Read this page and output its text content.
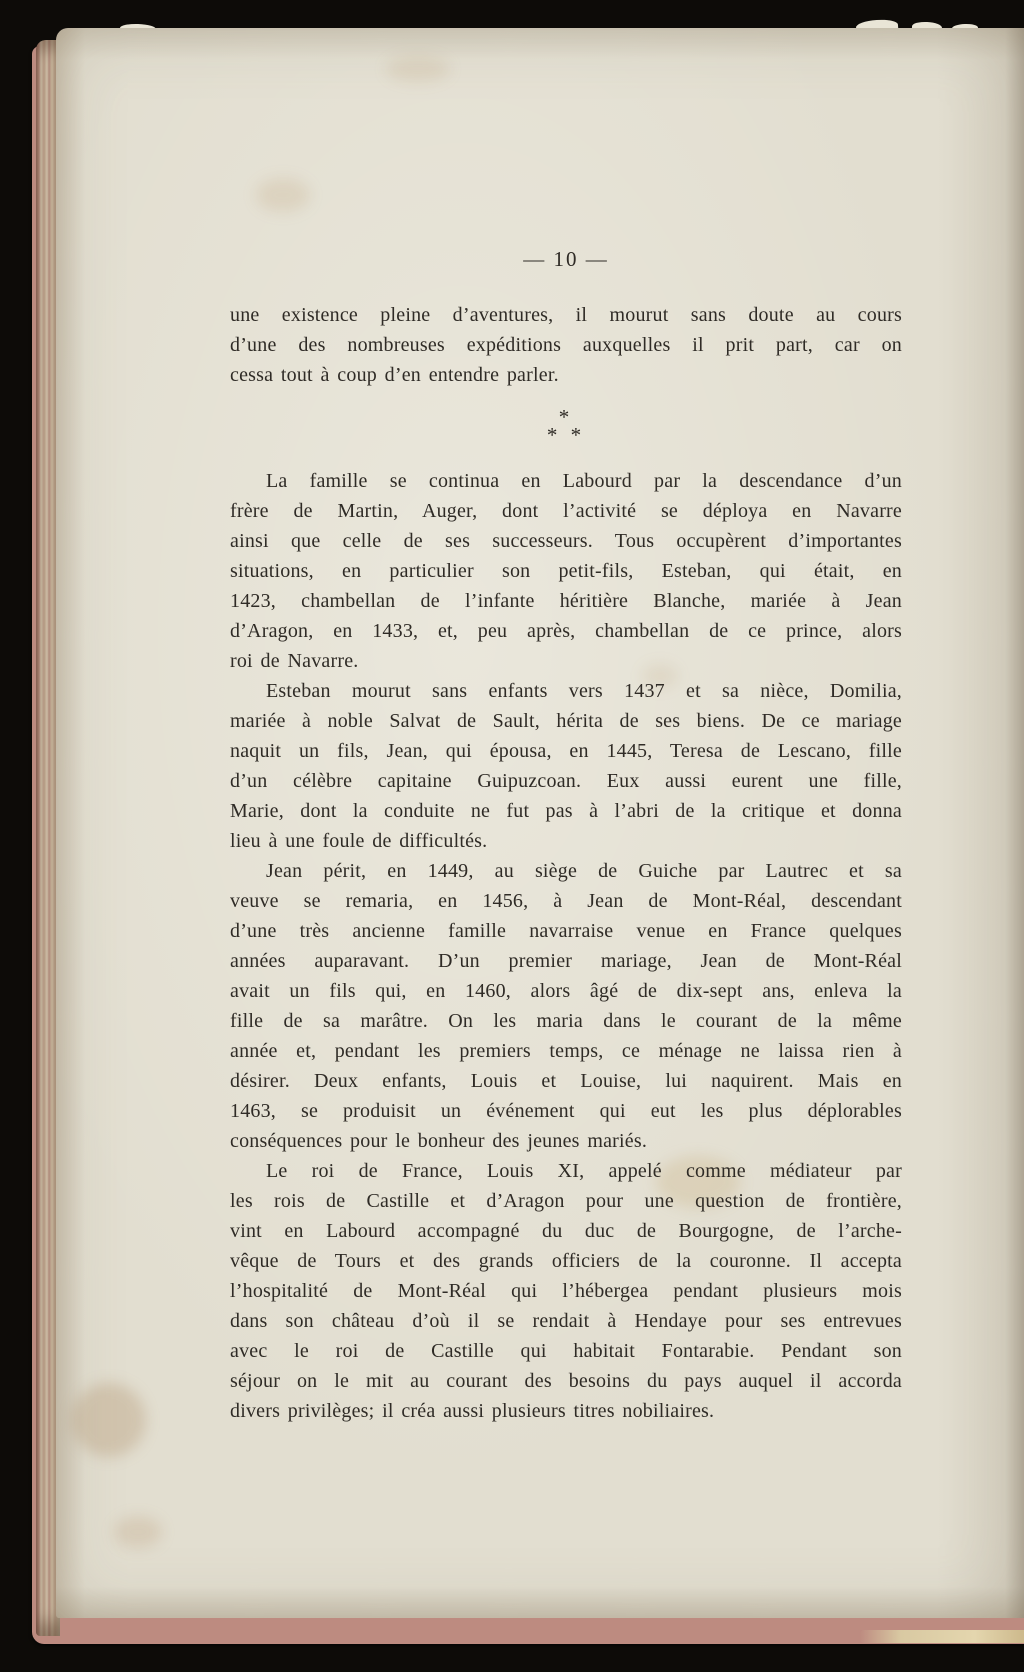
— 10 —
une existence pleine d’aventures, il mourut sans doute au cours
d’une des nombreuses expéditions auxquelles il prit part, car on
cessa tout à coup d’en entendre parler.
*
* *
La famille se continua en Labourd par la descendance d’un
frère de Martin, Auger, dont l’activité se déploya en Navarre
ainsi que celle de ses successeurs. Tous occupèrent d’importantes
situations, en particulier son petit-fils, Esteban, qui était, en
1423, chambellan de l’infante héritière Blanche, mariée à Jean
d’Aragon, en 1433, et, peu après, chambellan de ce prince, alors
roi de Navarre.
Esteban mourut sans enfants vers 1437 et sa nièce, Domilia,
mariée à noble Salvat de Sault, hérita de ses biens. De ce mariage
naquit un fils, Jean, qui épousa, en 1445, Teresa de Lescano, fille
d’un célèbre capitaine Guipuzcoan. Eux aussi eurent une fille,
Marie, dont la conduite ne fut pas à l’abri de la critique et donna
lieu à une foule de difficultés.
Jean périt, en 1449, au siège de Guiche par Lautrec et sa
veuve se remaria, en 1456, à Jean de Mont-Réal, descendant
d’une très ancienne famille navarraise venue en France quelques
années auparavant. D’un premier mariage, Jean de Mont-Réal
avait un fils qui, en 1460, alors âgé de dix-sept ans, enleva la
fille de sa marâtre. On les maria dans le courant de la même
année et, pendant les premiers temps, ce ménage ne laissa rien à
désirer. Deux enfants, Louis et Louise, lui naquirent. Mais en
1463, se produisit un événement qui eut les plus déplorables
conséquences pour le bonheur des jeunes mariés.
Le roi de France, Louis XI, appelé comme médiateur par
les rois de Castille et d’Aragon pour une question de frontière,
vint en Labourd accompagné du duc de Bourgogne, de l’arche-
vêque de Tours et des grands officiers de la couronne. Il accepta
l’hospitalité de Mont-Réal qui l’hébergea pendant plusieurs mois
dans son château d’où il se rendait à Hendaye pour ses entrevues
avec le roi de Castille qui habitait Fontarabie. Pendant son
séjour on le mit au courant des besoins du pays auquel il accorda
divers privilèges; il créa aussi plusieurs titres nobiliaires.
